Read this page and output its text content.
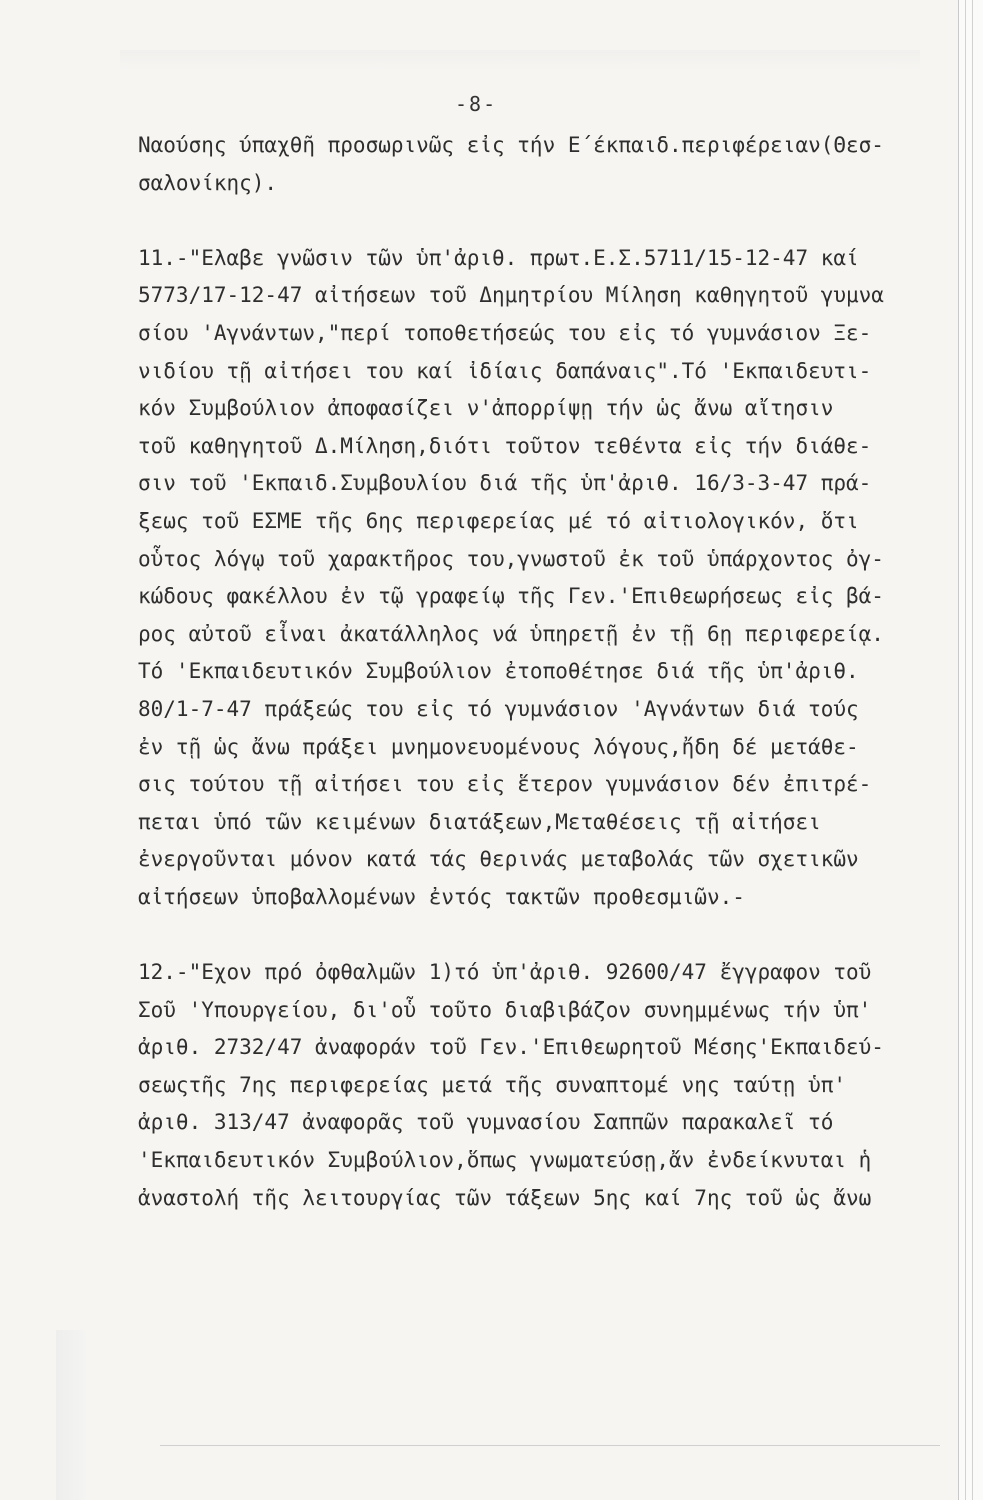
-8-
Ναούσης ύπαχθῆ προσωρινῶς εἰς τήν Ε΄έκπαιδ.περιφέρειαν(Θεσ-
σαλονίκης).
11.-"Ελαβε γνῶσιν τῶν ὑπ'ἀριθ. πρωτ.Ε.Σ.5711/15-12-47 καί
5773/17-12-47 αἰτήσεων τοῦ Δημητρίου Μίληση καθηγητοῦ γυμνα
σίου 'Αγνάντων,"περί τοποθετήσεώς του εἰς τό γυμνάσιον Ξε-
νιδίου τῇ αἰτήσει του καί ἰδίαις δαπάναις".Τό 'Εκπαιδευτι-
κόν Συμβούλιον ἀποφασίζει ν'ἀπορρίψῃ τήν ὡς ἄνω αἴτησιν
τοῦ καθηγητοῦ Δ.Μίληση,διότι τοῦτον τεθέντα εἰς τήν διάθε-
σιν τοῦ 'Εκπαιδ.Συμβουλίου διά τῆς ὑπ'ἀριθ. 16/3-3-47 πρά-
ξεως τοῦ ΕΣΜΕ τῆς 6ης περιφερείας μέ τό αἰτιολογικόν, ὅτι
οὗτος λόγῳ τοῦ χαρακτῆρος του,γνωστοῦ ἐκ τοῦ ὑπάρχοντος ὀγ-
κώδους φακέλλου ἐν τῷ γραφείῳ τῆς Γεν.'Επιθεωρήσεως εἰς βά-
ρος αὐτοῦ εἶναι ἀκατάλληλος νά ὑπηρετῇ ἐν τῇ 6ῃ περιφερείᾳ.
Τό 'Εκπαιδευτικόν Συμβούλιον ἐτοποθέτησε διά τῆς ὑπ'ἀριθ.
80/1-7-47 πράξεώς του εἰς τό γυμνάσιον 'Αγνάντων διά τούς
ἐν τῇ ὡς ἄνω πράξει μνημονευομένους λόγους,ἤδη δέ μετάθε-
σις τούτου τῇ αἰτήσει του εἰς ἕτερον γυμνάσιον δέν ἐπιτρέ-
πεται ὑπό τῶν κειμένων διατάξεων,Μεταθέσεις τῇ αἰτήσει
ἐνεργοῦνται μόνον κατά τάς θερινάς μεταβολάς τῶν σχετικῶν
αἰτήσεων ὑποβαλλομένων ἐντός τακτῶν προθεσμιῶν.-
12.-"Εχον πρό ὀφθαλμῶν 1)τό ὑπ'ἀριθ. 92600/47 ἔγγραφον τοῦ
Σοῦ 'Υπουργείου, δι'οὗ τοῦτο διαβιβάζον συνημμένως τήν ὑπ'
ἀριθ. 2732/47 ἀναφοράν τοῦ Γεν.'Επιθεωρητοῦ Μέσης'Εκπαιδεύ-
σεωςτῆς 7ης περιφερείας μετά τῆς συναπτομέ νης ταύτῃ ὑπ'
ἀριθ. 313/47 ἀναφορᾶς τοῦ γυμνασίου Σαππῶν παρακαλεῖ τό
'Εκπαιδευτικόν Συμβούλιον,ὅπως γνωματεύσῃ,ἄν ἐνδείκνυται ἡ
ἀναστολή τῆς λειτουργίας τῶν τάξεων 5ης καί 7ης τοῦ ὡς ἄνω
